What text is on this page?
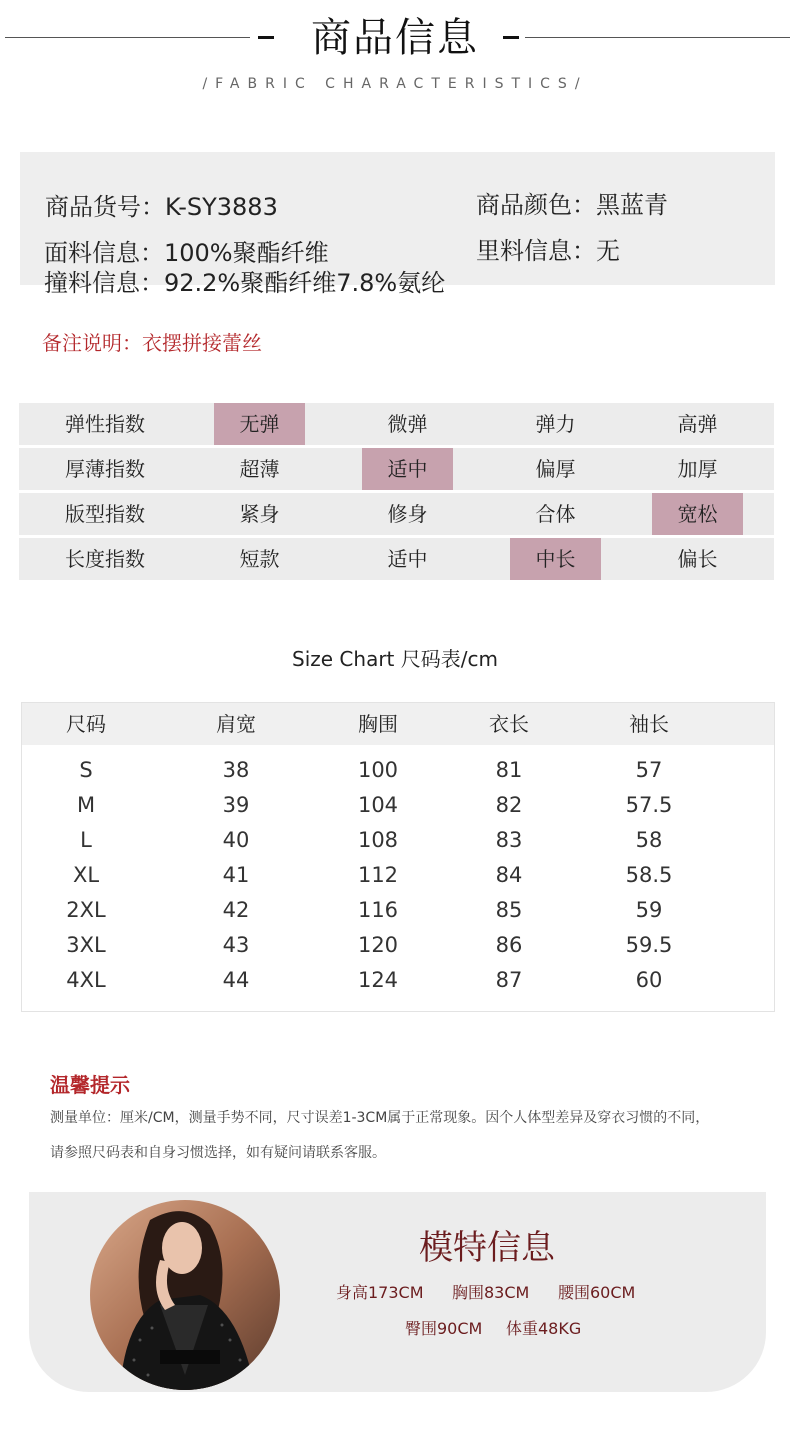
商品信息
/FABRIC CHARACTERISTICS/
商品货号：K-SY3883	商品颜色：黑蓝青
面料信息：100%聚酯纤维	里料信息：无
撞料信息：92.2%聚酯纤维7.8%氨纶
备注说明：衣摆拼接蕾丝
弹性指数	无弹	微弹	弹力	高弹
厚薄指数	超薄	适中	偏厚	加厚
版型指数	紧身	修身	合体	宽松
长度指数	短款	适中	中长	偏长
Size Chart 尺码表/cm
尺码	肩宽	胸围	衣长	袖长
S	38	100	81	57
M	39	104	82	57.5
L	40	108	83	58
XL	41	112	84	58.5
2XL	42	116	85	59
3XL	43	120	86	59.5
4XL	44	124	87	60
温馨提示
测量单位：厘米/CM，测量手势不同，尺寸误差1-3CM属于正常现象。因个人体型差异及穿衣习惯的不同，
请参照尺码表和自身习惯选择，如有疑问请联系客服。
模特信息
身高173CM 胸围83CM 腰围60CM
臀围90CM 体重48KG
